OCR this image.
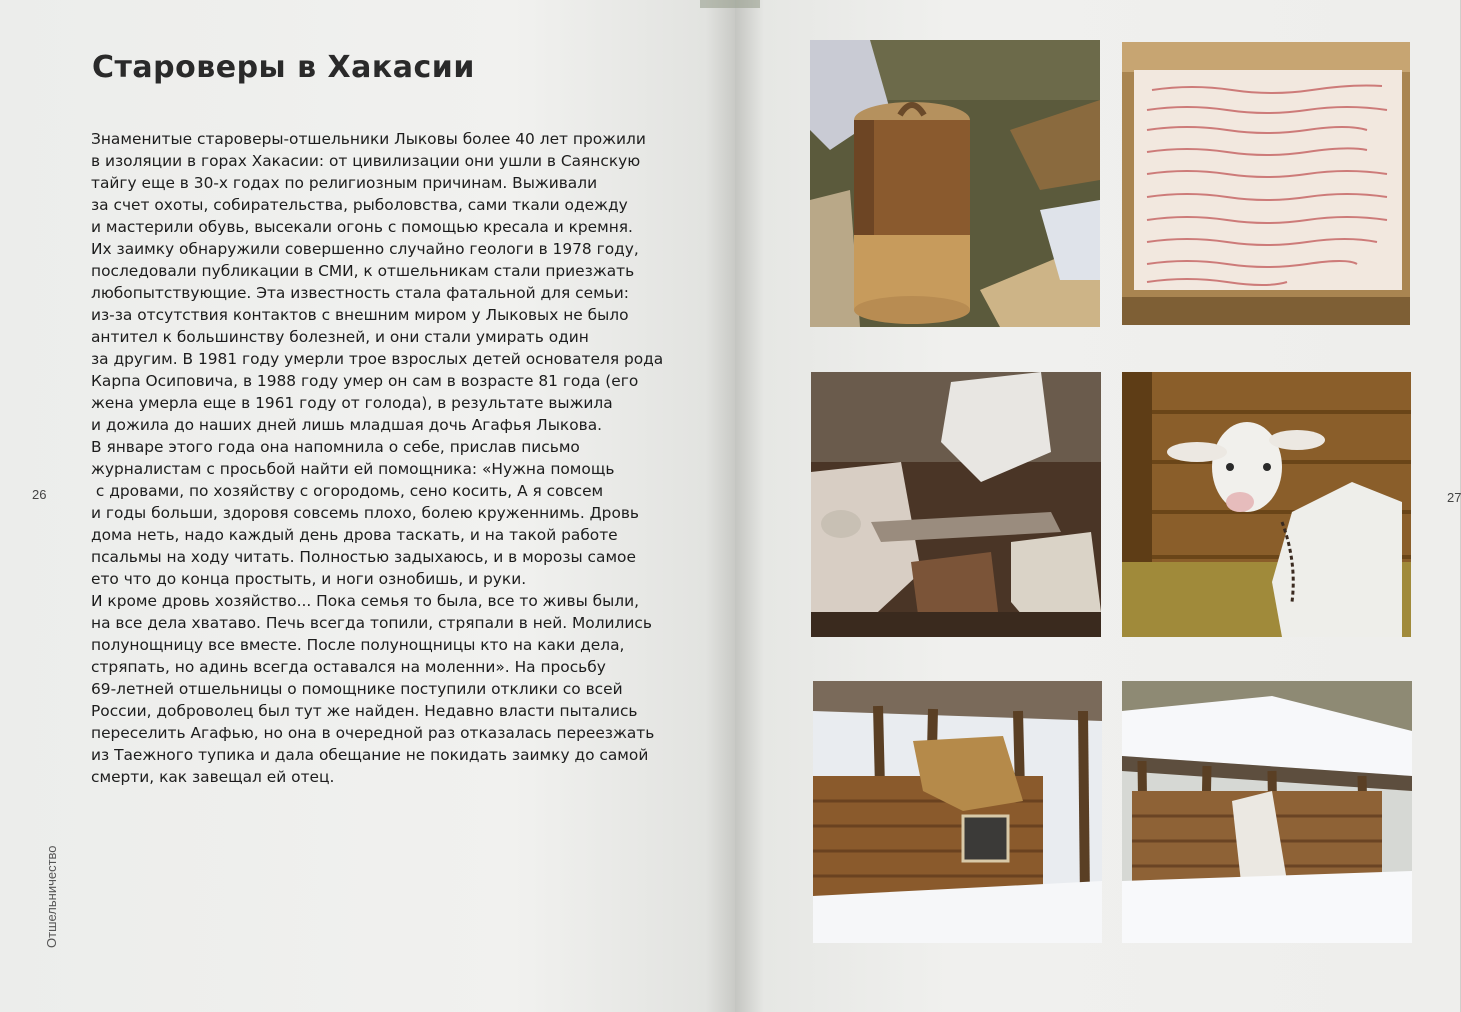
Староверы в Хакасии
Знаменитые староверы-отшельники Лыковы более 40 лет прожили
в изоляции в горах Хакасии: от цивилизации они ушли в Саянскую
тайгу еще в 30-х годах по религиозным причинам. Выживали
за счет охоты, собирательства, рыболовства, сами ткали одежду
и мастерили обувь, высекали огонь с помощью кресала и кремня.
Их заимку обнаружили совершенно случайно геологи в 1978 году,
последовали публикации в СМИ, к отшельникам стали приезжать
любопытствующие. Эта известность стала фатальной для семьи:
из-за отсутствия контактов с внешним миром у Лыковых не было
антител к большинству болезней, и они стали умирать один
за другим. В 1981 году умерли трое взрослых детей основателя рода
Карпа Осиповича, в 1988 году умер он сам в возрасте 81 года (его
жена умерла еще в 1961 году от голода), в результате выжила
и дожила до наших дней лишь младшая дочь Агафья Лыкова.
В январе этого года она напомнила о себе, прислав письмо
журналистам с просьбой найти ей помощника: «Нужна помощь
с дровами, по хозяйству с огородомь, сено косить, А я совсем
и годы больши, здоровя совсемь плохо, болею круженнимь. Дровь
дома неть, надо каждый день дрова таскать, и на такой работе
псальмы на ходу читать. Полностью задыхаюсь, и в морозы самое
ето что до конца простыть, и ноги ознобишь, и руки.
И кроме дровь хозяйство... Пока семья то была, все то живы были,
на все дела хватаво. Печь всегда топили, стряпали в ней. Молились
полунощницу все вместе. После полунощницы кто на каки дела,
стряпать, но адинь всегда оставался на моленни». На просьбу
69-летней отшельницы о помощнике поступили отклики со всей
России, доброволец был тут же найден. Недавно власти пытались
переселить Агафью, но она в очередной раз отказалась переезжать
из Таежного тупика и дала обещание не покидать заимку до самой
смерти, как завещал ей отец.
26	27
Отшельничество
